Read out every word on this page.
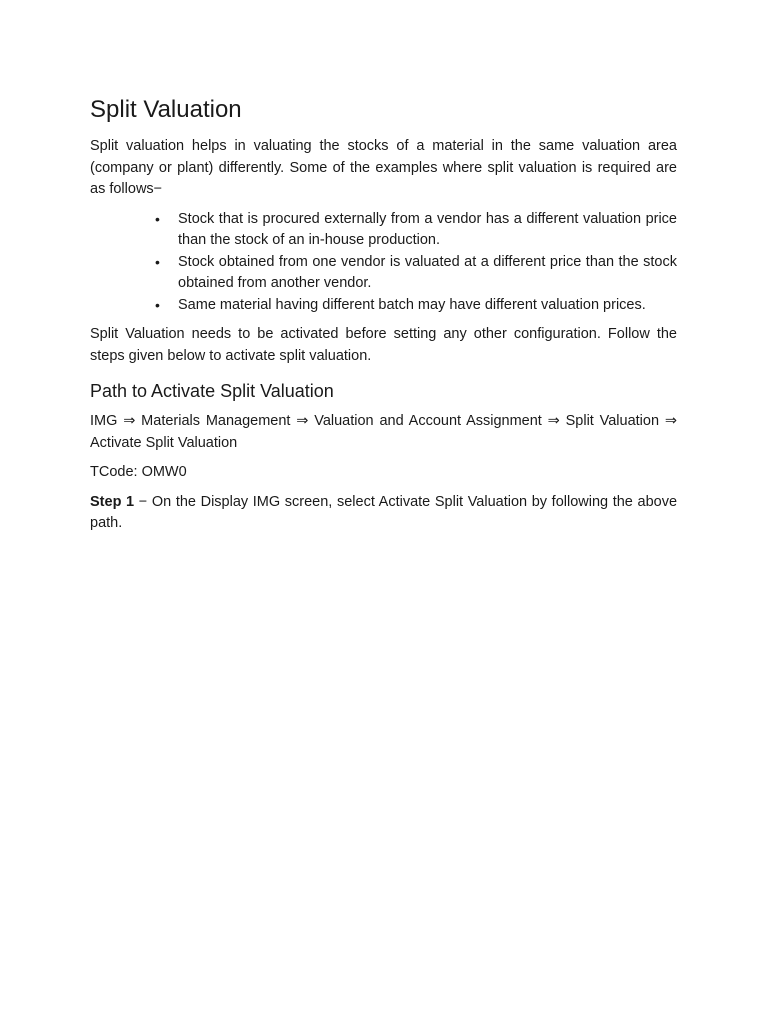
Split Valuation

Split valuation helps in valuating the stocks of a material in the same valuation area (company or plant) differently. Some of the examples where split valuation is required are as follows−

• Stock that is procured externally from a vendor has a different valuation price than the stock of an in-house production.
• Stock obtained from one vendor is valuated at a different price than the stock obtained from another vendor.
• Same material having different batch may have different valuation prices.

Split Valuation needs to be activated before setting any other configuration. Follow the steps given below to activate split valuation.

Path to Activate Split Valuation

IMG ⇒ Materials Management ⇒ Valuation and Account Assignment ⇒ Split Valuation ⇒ Activate Split Valuation

TCode: OMW0

Step 1 − On the Display IMG screen, select Activate Split Valuation by following the above path.
